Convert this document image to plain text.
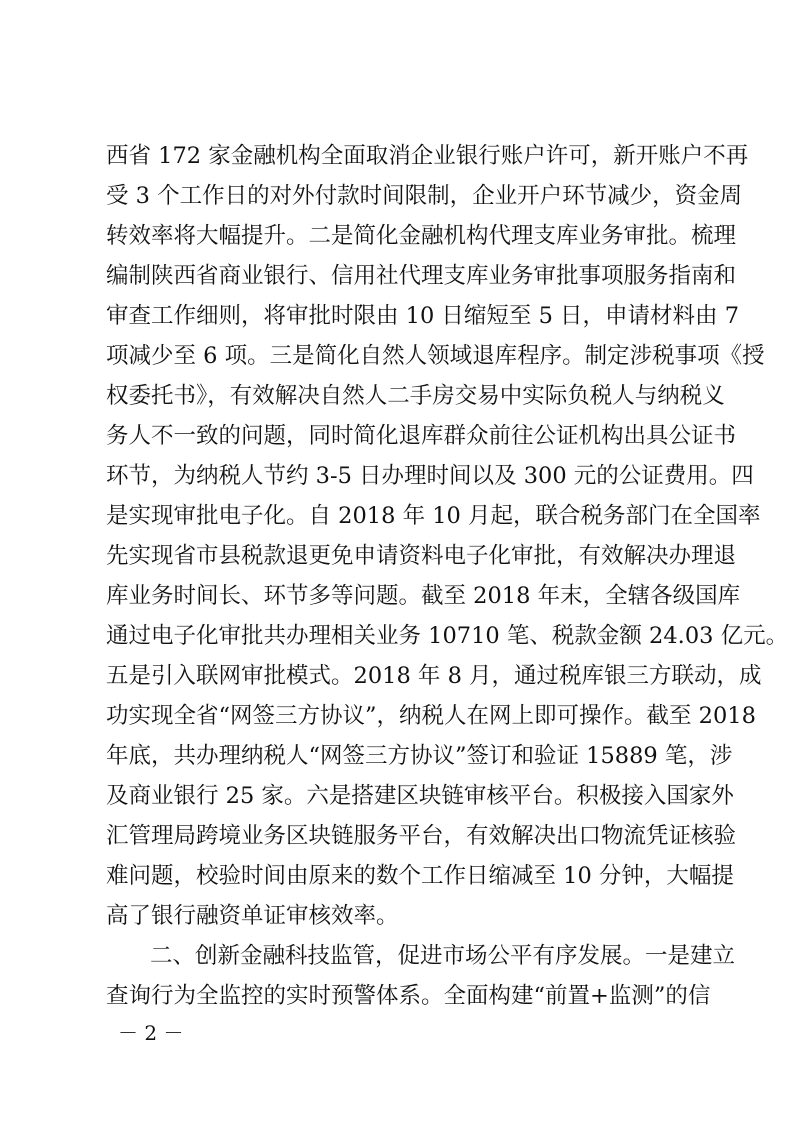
西省 172 家金融机构全面取消企业银行账户许可，新开账户不再
受 3 个工作日的对外付款时间限制，企业开户环节减少，资金周
转效率将大幅提升。二是简化金融机构代理支库业务审批。梳理
编制陕西省商业银行、信用社代理支库业务审批事项服务指南和
审查工作细则，将审批时限由 10 日缩短至 5 日，申请材料由 7
项减少至 6 项。三是简化自然人领域退库程序。制定涉税事项《授
权委托书》，有效解决自然人二手房交易中实际负税人与纳税义
务人不一致的问题，同时简化退库群众前往公证机构出具公证书
环节，为纳税人节约 3-5 日办理时间以及 300 元的公证费用。四
是实现审批电子化。自 2018 年 10 月起，联合税务部门在全国率
先实现省市县税款退更免申请资料电子化审批，有效解决办理退
库业务时间长、环节多等问题。截至 2018 年末，全辖各级国库
通过电子化审批共办理相关业务 10710 笔、税款金额 24.03 亿元。
五是引入联网审批模式。2018 年 8 月，通过税库银三方联动，成
功实现全省“网签三方协议”，纳税人在网上即可操作。截至 2018
年底，共办理纳税人“网签三方协议”签订和验证 15889 笔，涉
及商业银行 25 家。六是搭建区块链审核平台。积极接入国家外
汇管理局跨境业务区块链服务平台，有效解决出口物流凭证核验
难问题，校验时间由原来的数个工作日缩减至 10 分钟，大幅提
高了银行融资单证审核效率。
二、创新金融科技监管，促进市场公平有序发展。一是建立
查询行为全监控的实时预警体系。全面构建“前置+监测”的信
－ 2 －
